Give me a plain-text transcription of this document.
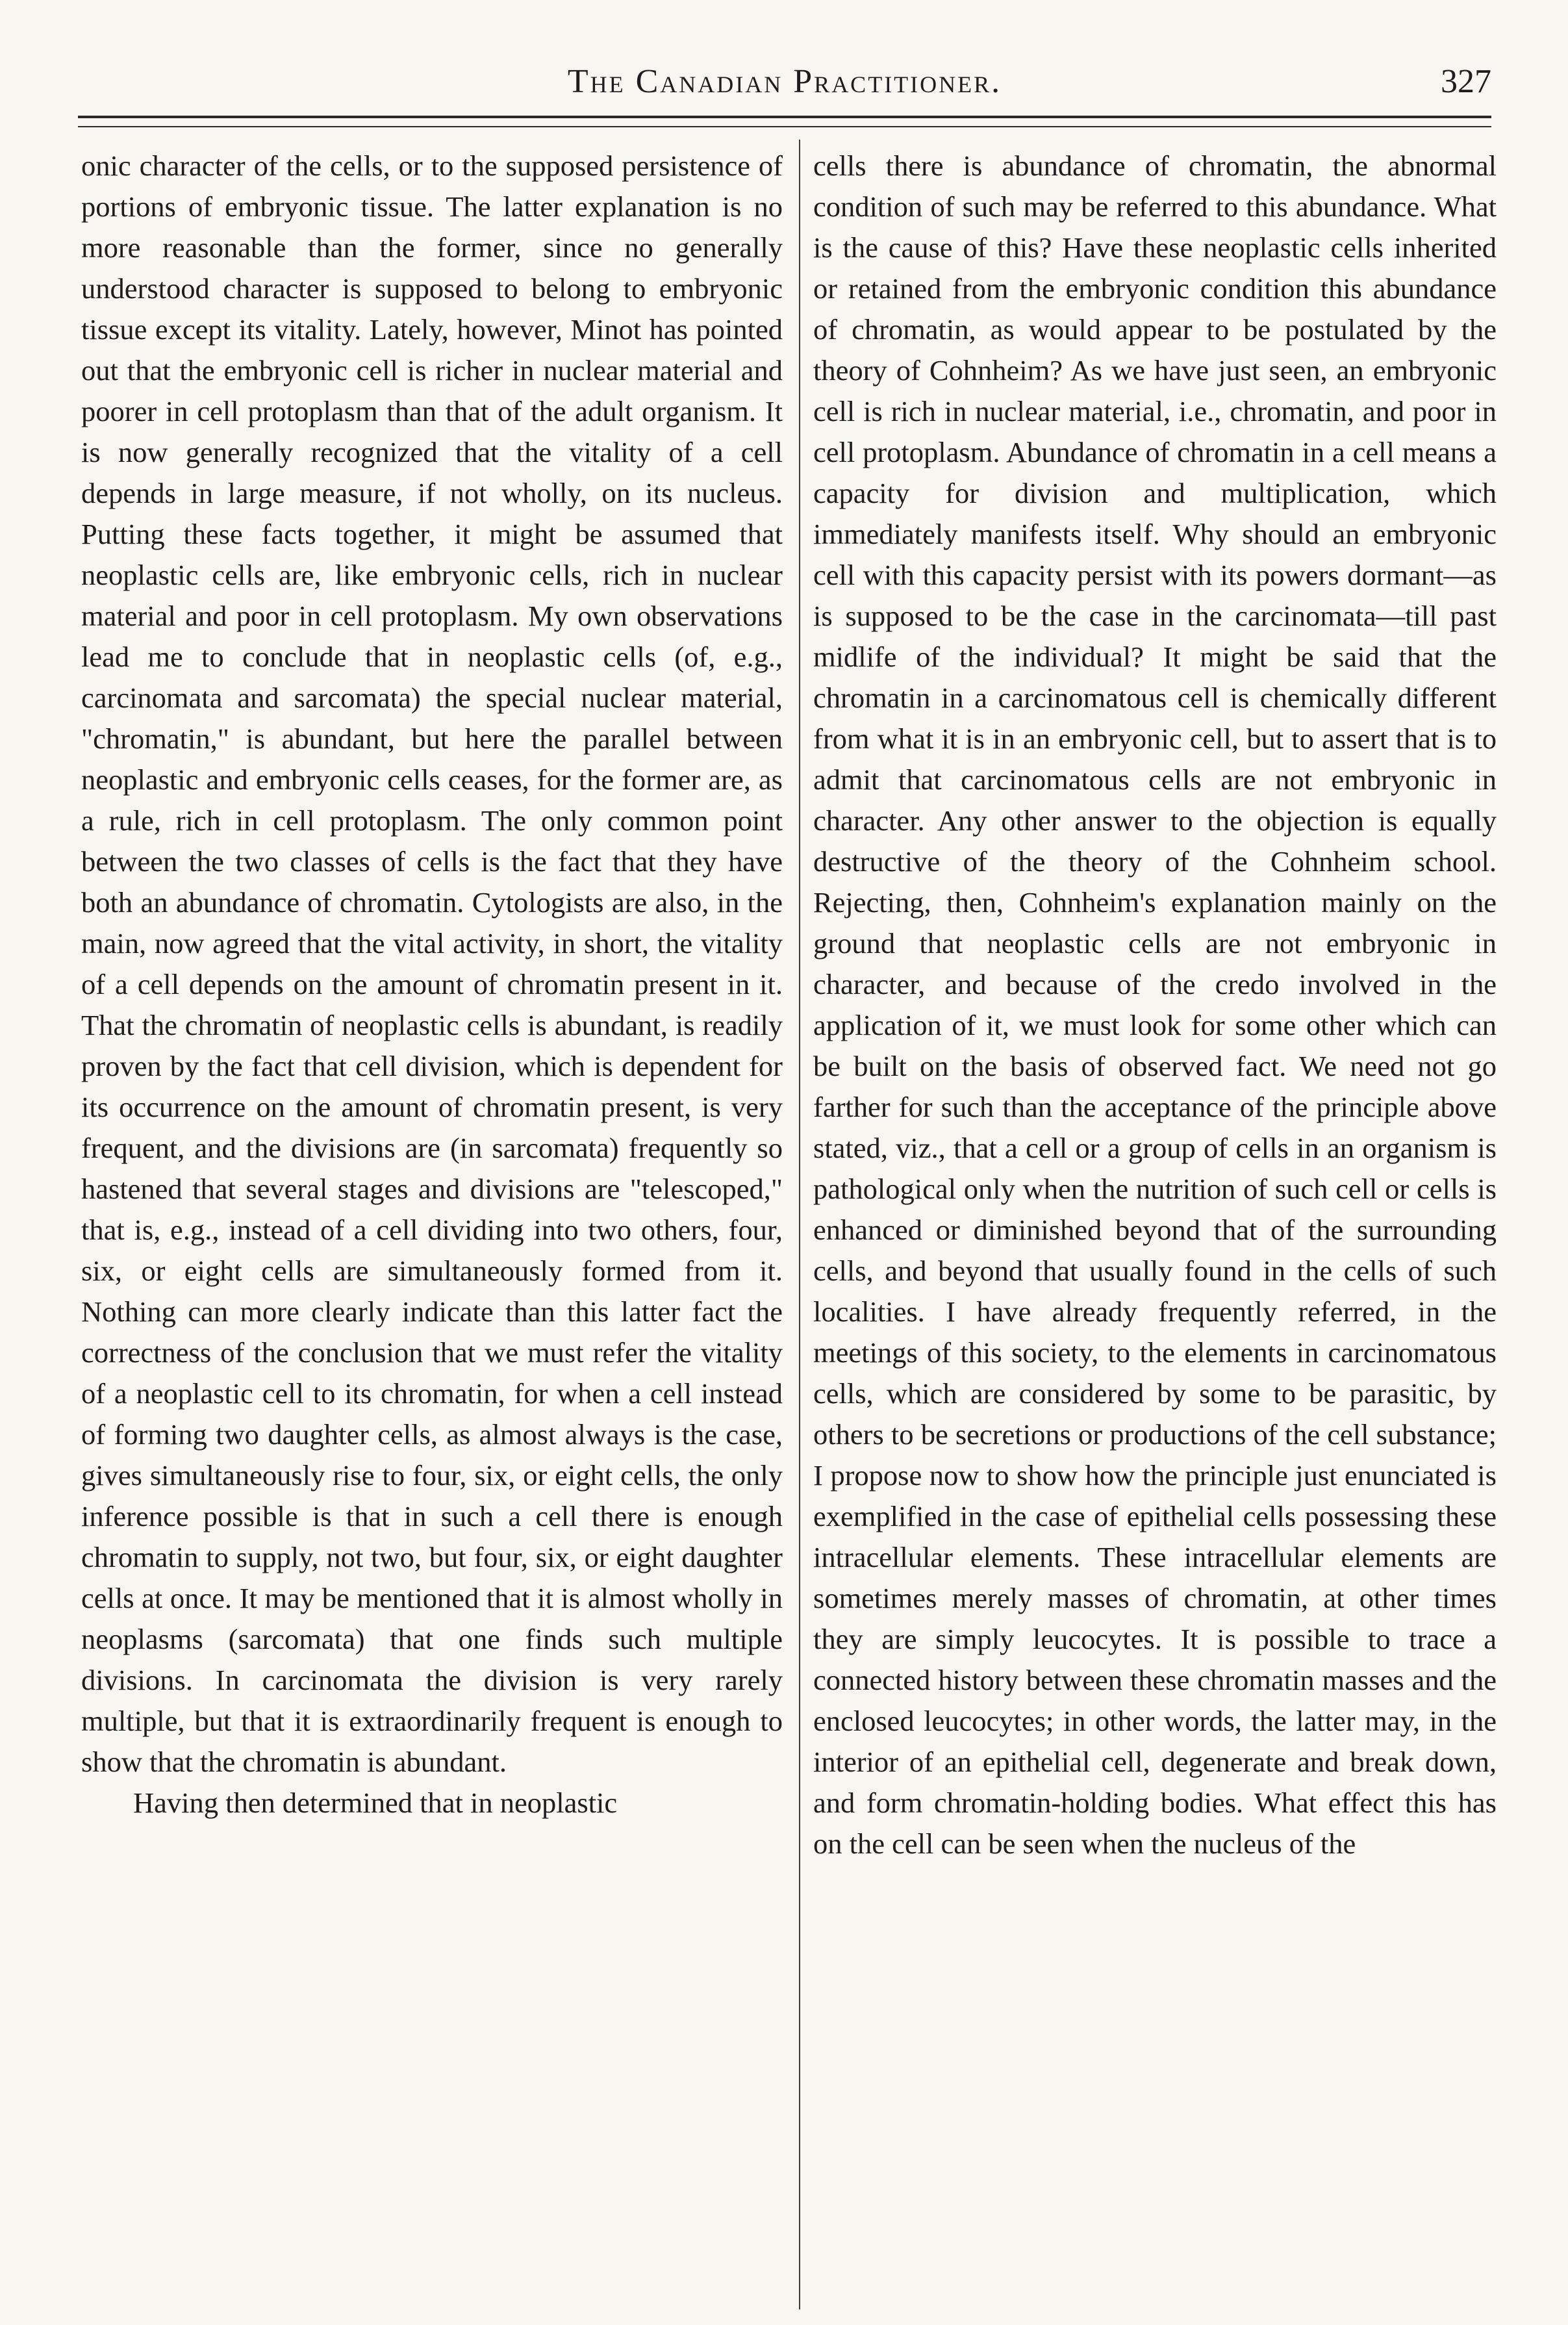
The Canadian Practitioner.	327

onic character of the cells, or to the supposed persistence of portions of embryonic tissue. The latter explanation is no more reasonable than the former, since no generally understood character is supposed to belong to embryonic tissue except its vitality. Lately, however, Minot has pointed out that the embryonic cell is richer in nuclear material and poorer in cell protoplasm than that of the adult organism. It is now generally recognized that the vitality of a cell depends in large measure, if not wholly, on its nucleus. Putting these facts together, it might be assumed that neoplastic cells are, like embryonic cells, rich in nuclear material and poor in cell protoplasm. My own observations lead me to conclude that in neoplastic cells (of, e.g., carcinomata and sarcomata) the special nuclear material, "chromatin," is abundant, but here the parallel between neoplastic and embryonic cells ceases, for the former are, as a rule, rich in cell protoplasm. The only common point between the two classes of cells is the fact that they have both an abundance of chromatin. Cytologists are also, in the main, now agreed that the vital activity, in short, the vitality of a cell depends on the amount of chromatin present in it. That the chromatin of neoplastic cells is abundant, is readily proven by the fact that cell division, which is dependent for its occurrence on the amount of chromatin present, is very frequent, and the divisions are (in sarcomata) frequently so hastened that several stages and divisions are "telescoped," that is, e.g., instead of a cell dividing into two others, four, six, or eight cells are simultaneously formed from it. Nothing can more clearly indicate than this latter fact the correctness of the conclusion that we must refer the vitality of a neoplastic cell to its chromatin, for when a cell instead of forming two daughter cells, as almost always is the case, gives simultaneously rise to four, six, or eight cells, the only inference possible is that in such a cell there is enough chromatin to supply, not two, but four, six, or eight daughter cells at once. It may be mentioned that it is almost wholly in neoplasms (sarcomata) that one finds such multiple divisions. In carcinomata the division is very rarely multiple, but that it is extraordinarily frequent is enough to show that the chromatin is abundant.

Having then determined that in neoplastic

cells there is abundance of chromatin, the abnormal condition of such may be referred to this abundance. What is the cause of this? Have these neoplastic cells inherited or retained from the embryonic condition this abundance of chromatin, as would appear to be postulated by the theory of Cohnheim? As we have just seen, an embryonic cell is rich in nuclear material, i.e., chromatin, and poor in cell protoplasm. Abundance of chromatin in a cell means a capacity for division and multiplication, which immediately manifests itself. Why should an embryonic cell with this capacity persist with its powers dormant—as is supposed to be the case in the carcinomata—till past midlife of the individual? It might be said that the chromatin in a carcinomatous cell is chemically different from what it is in an embryonic cell, but to assert that is to admit that carcinomatous cells are not embryonic in character. Any other answer to the objection is equally destructive of the theory of the Cohnheim school. Rejecting, then, Cohnheim's explanation mainly on the ground that neoplastic cells are not embryonic in character, and because of the credo involved in the application of it, we must look for some other which can be built on the basis of observed fact. We need not go farther for such than the acceptance of the principle above stated, viz., that a cell or a group of cells in an organism is pathological only when the nutrition of such cell or cells is enhanced or diminished beyond that of the surrounding cells, and beyond that usually found in the cells of such localities. I have already frequently referred, in the meetings of this society, to the elements in carcinomatous cells, which are considered by some to be parasitic, by others to be secretions or productions of the cell substance; I propose now to show how the principle just enunciated is exemplified in the case of epithelial cells possessing these intracellular elements. These intracellular elements are sometimes merely masses of chromatin, at other times they are simply leucocytes. It is possible to trace a connected history between these chromatin masses and the enclosed leucocytes; in other words, the latter may, in the interior of an epithelial cell, degenerate and break down, and form chromatin-holding bodies. What effect this has on the cell can be seen when the nucleus of the
